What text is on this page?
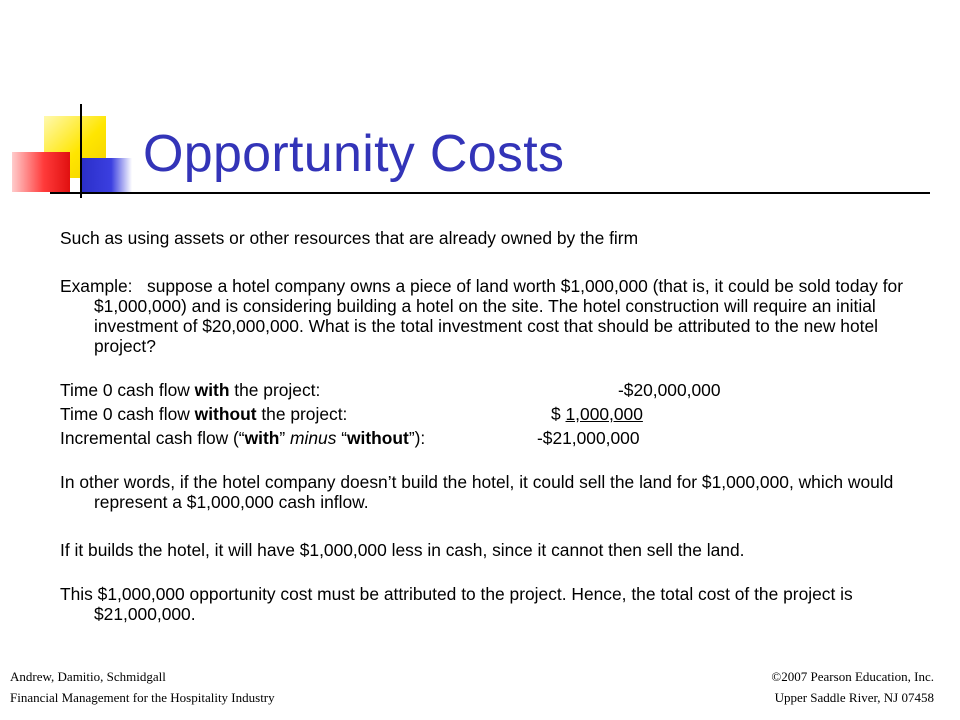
Opportunity Costs

Such as using assets or other resources that are already owned by the firm

Example: suppose a hotel company owns a piece of land worth $1,000,000 (that is, it could be sold today for $1,000,000) and is considering building a hotel on the site. The hotel construction will require an initial investment of $20,000,000. What is the total investment cost that should be attributed to the new hotel project?

Time 0 cash flow with the project:	-$20,000,000
Time 0 cash flow without the project:	$ 1,000,000
Incremental cash flow (“with” minus “without”):	-$21,000,000

In other words, if the hotel company doesn’t build the hotel, it could sell the land for $1,000,000, which would represent a $1,000,000 cash inflow.

If it builds the hotel, it will have $1,000,000 less in cash, since it cannot then sell the land.

This $1,000,000 opportunity cost must be attributed to the project. Hence, the total cost of the project is $21,000,000.

Andrew, Damitio, Schmidgall	©2007 Pearson Education, Inc.
Financial Management for the Hospitality Industry	Upper Saddle River, NJ 07458
